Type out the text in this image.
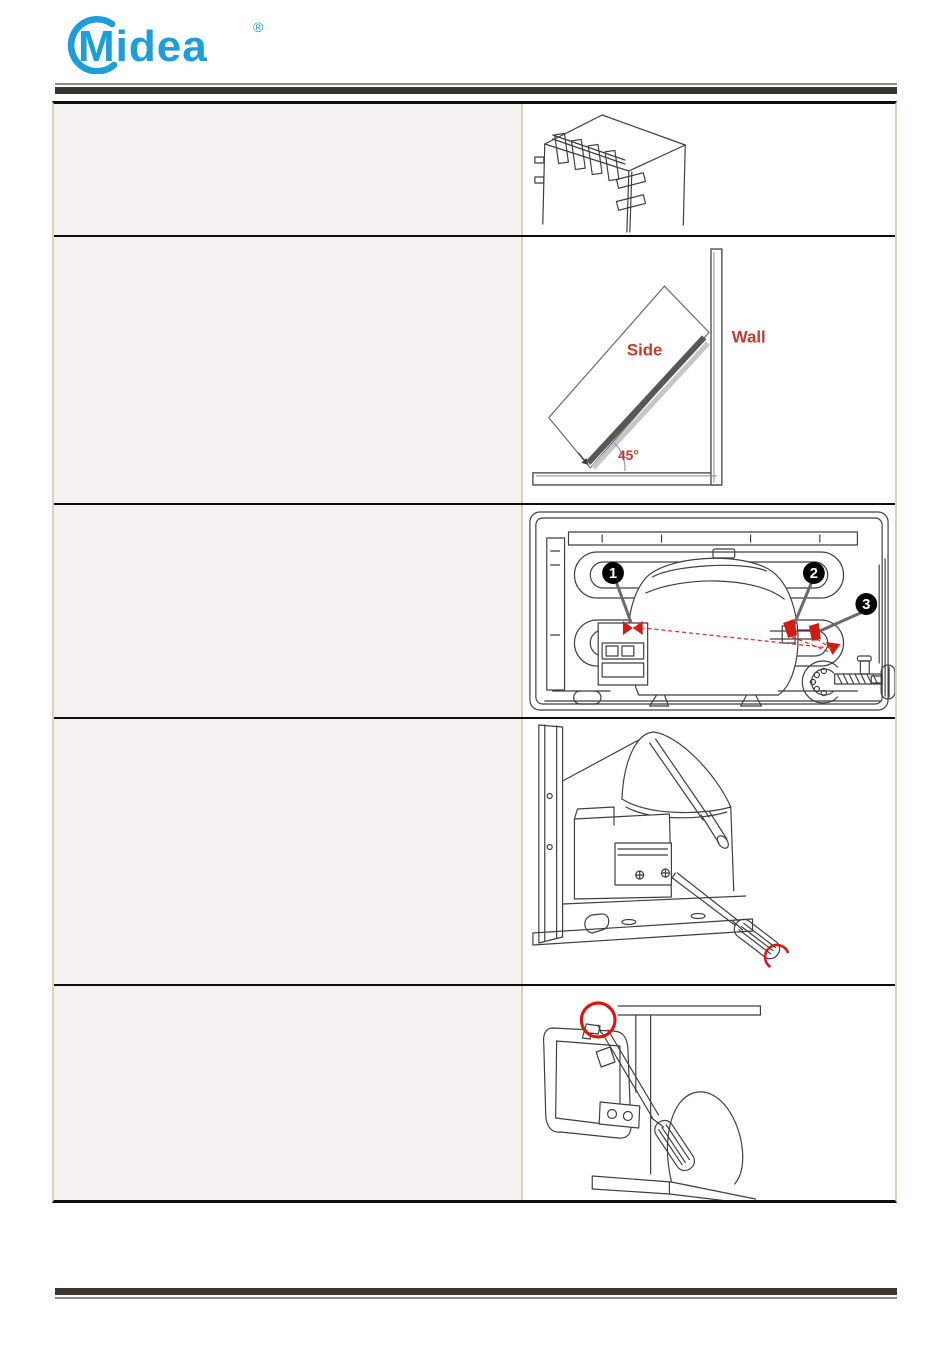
Midea	®
Side
Wall
45°
1	2
3
